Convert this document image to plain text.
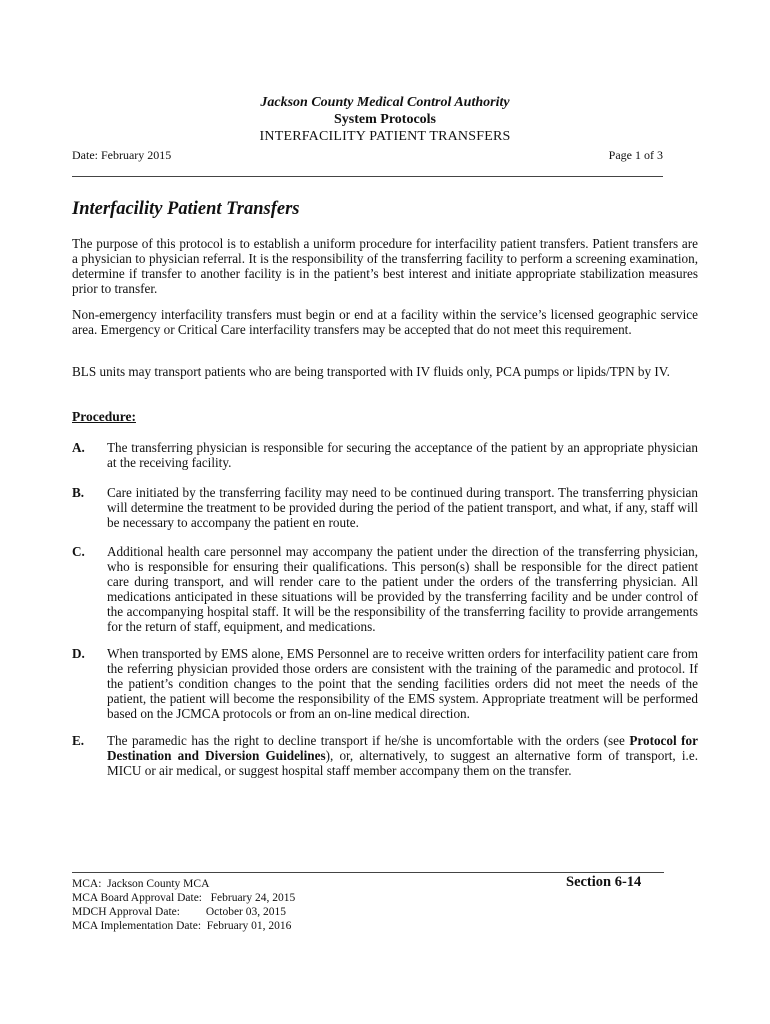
Jackson County Medical Control Authority
System Protocols
INTERFACILITY PATIENT TRANSFERS
Date: February 2015	Page 1 of 3
Interfacility Patient Transfers
The purpose of this protocol is to establish a uniform procedure for interfacility patient transfers. Patient transfers are a physician to physician referral. It is the responsibility of the transferring facility to perform a screening examination, determine if transfer to another facility is in the patient’s best interest and initiate appropriate stabilization measures prior to transfer.
Non-emergency interfacility transfers must begin or end at a facility within the service’s licensed geographic service area. Emergency or Critical Care interfacility transfers may be accepted that do not meet this requirement.
BLS units may transport patients who are being transported with IV fluids only, PCA pumps or lipids/TPN by IV.
Procedure:
A.	The transferring physician is responsible for securing the acceptance of the patient by an appropriate physician at the receiving facility.
B.	Care initiated by the transferring facility may need to be continued during transport. The transferring physician will determine the treatment to be provided during the period of the patient transport, and what, if any, staff will be necessary to accompany the patient en route.
C.	Additional health care personnel may accompany the patient under the direction of the transferring physician, who is responsible for ensuring their qualifications. This person(s) shall be responsible for the direct patient care during transport, and will render care to the patient under the orders of the transferring physician. All medications anticipated in these situations will be provided by the transferring facility and be under control of the accompanying hospital staff. It will be the responsibility of the transferring facility to provide arrangements for the return of staff, equipment, and medications.
D.	When transported by EMS alone, EMS Personnel are to receive written orders for interfacility patient care from the referring physician provided those orders are consistent with the training of the paramedic and protocol. If the patient’s condition changes to the point that the sending facilities orders did not meet the needs of the patient, the patient will become the responsibility of the EMS system. Appropriate treatment will be performed based on the JCMCA protocols or from an on-line medical direction.
E.	The paramedic has the right to decline transport if he/she is uncomfortable with the orders (see Protocol for Destination and Diversion Guidelines), or, alternatively, to suggest an alternative form of transport, i.e. MICU or air medical, or suggest hospital staff member accompany them on the transfer.
MCA:  Jackson County MCA
MCA Board Approval Date:   February 24, 2015
MDCH Approval Date:         October 03, 2015
MCA Implementation Date:  February 01, 2016
Section 6-14
